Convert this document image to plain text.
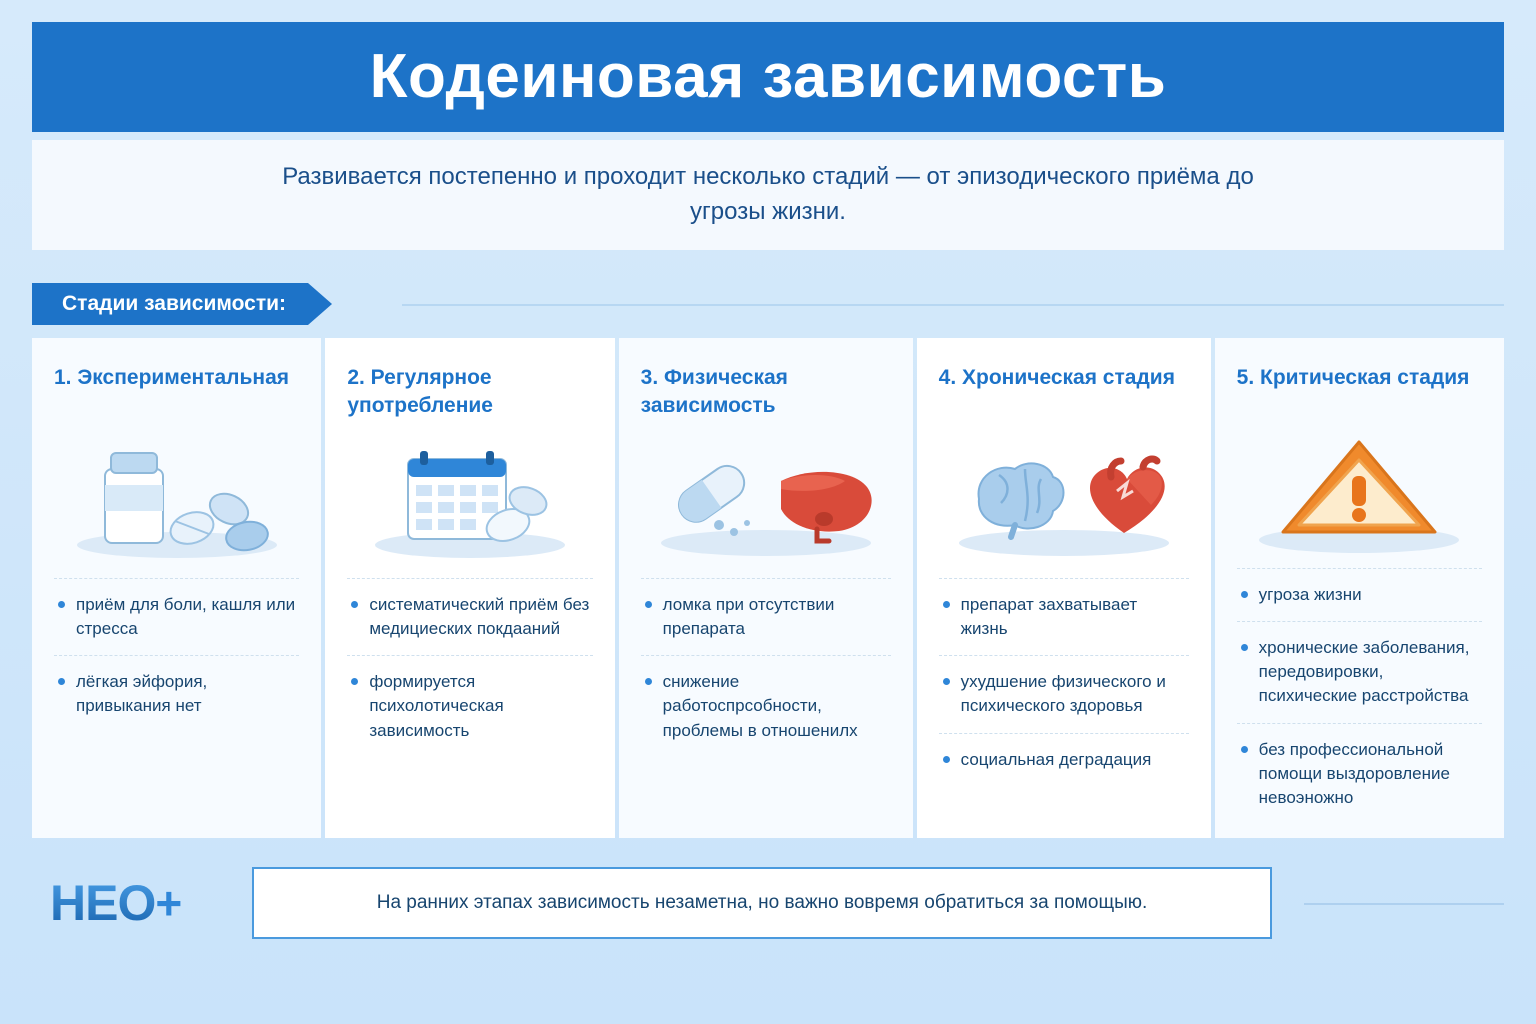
Кодеиновая зависимость

Развивается постепенно и проходит несколько стадий — от эпизодического приёма до угрозы жизни.

Стадии зависимости:
1. Экспериментальная
приём для боли, кашля или стресса
лёгкая эйфория, привыкания нет
2. Регулярное употребление
систематический приём без медициеских покдааний
формируется психолотическая зависимость
3. Физическая зависимость
ломка при отсутствии препарата
снижение работоспрсобности, проблемы в отношенилх
4. Хроническая стадия
препарат захватывает жизнь
ухудшение физического и психического здоровья
социальная деградация
5. Критическая стадия
угроза жизни
хронические заболевания, передовировки, психические расстройства
без профессиональной помощи выздоровление невоэножно
НЕО +	На ранних этапах зависимость незаметна, но важно вовремя обратиться за помощыю.
